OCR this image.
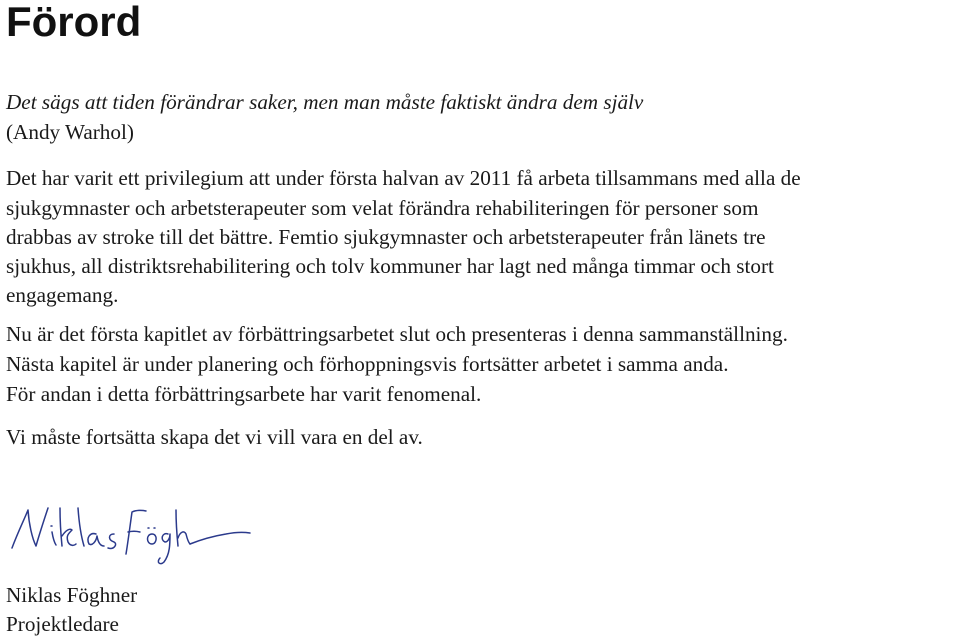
Förord

Det sägs att tiden förändrar saker, men man måste faktiskt ändra dem själv

(Andy Warhol)

Det har varit ett privilegium att under första halvan av 2011 få arbeta tillsammans med alla de

sjukgymnaster och arbetsterapeuter som velat förändra rehabiliteringen för personer som

drabbas av stroke till det bättre. Femtio sjukgymnaster och arbetsterapeuter från länets tre

sjukhus, all distriktsrehabilitering och tolv kommuner har lagt ned många timmar och stort

engagemang.

Nu är det första kapitlet av förbättringsarbetet slut och presenteras i denna sammanställning.

Nästa kapitel är under planering och förhoppningsvis fortsätter arbetet i samma anda.

För andan i detta förbättringsarbete har varit fenomenal.

Vi måste fortsätta skapa det vi vill vara en del av.

Niklas Föghner

Projektledare
